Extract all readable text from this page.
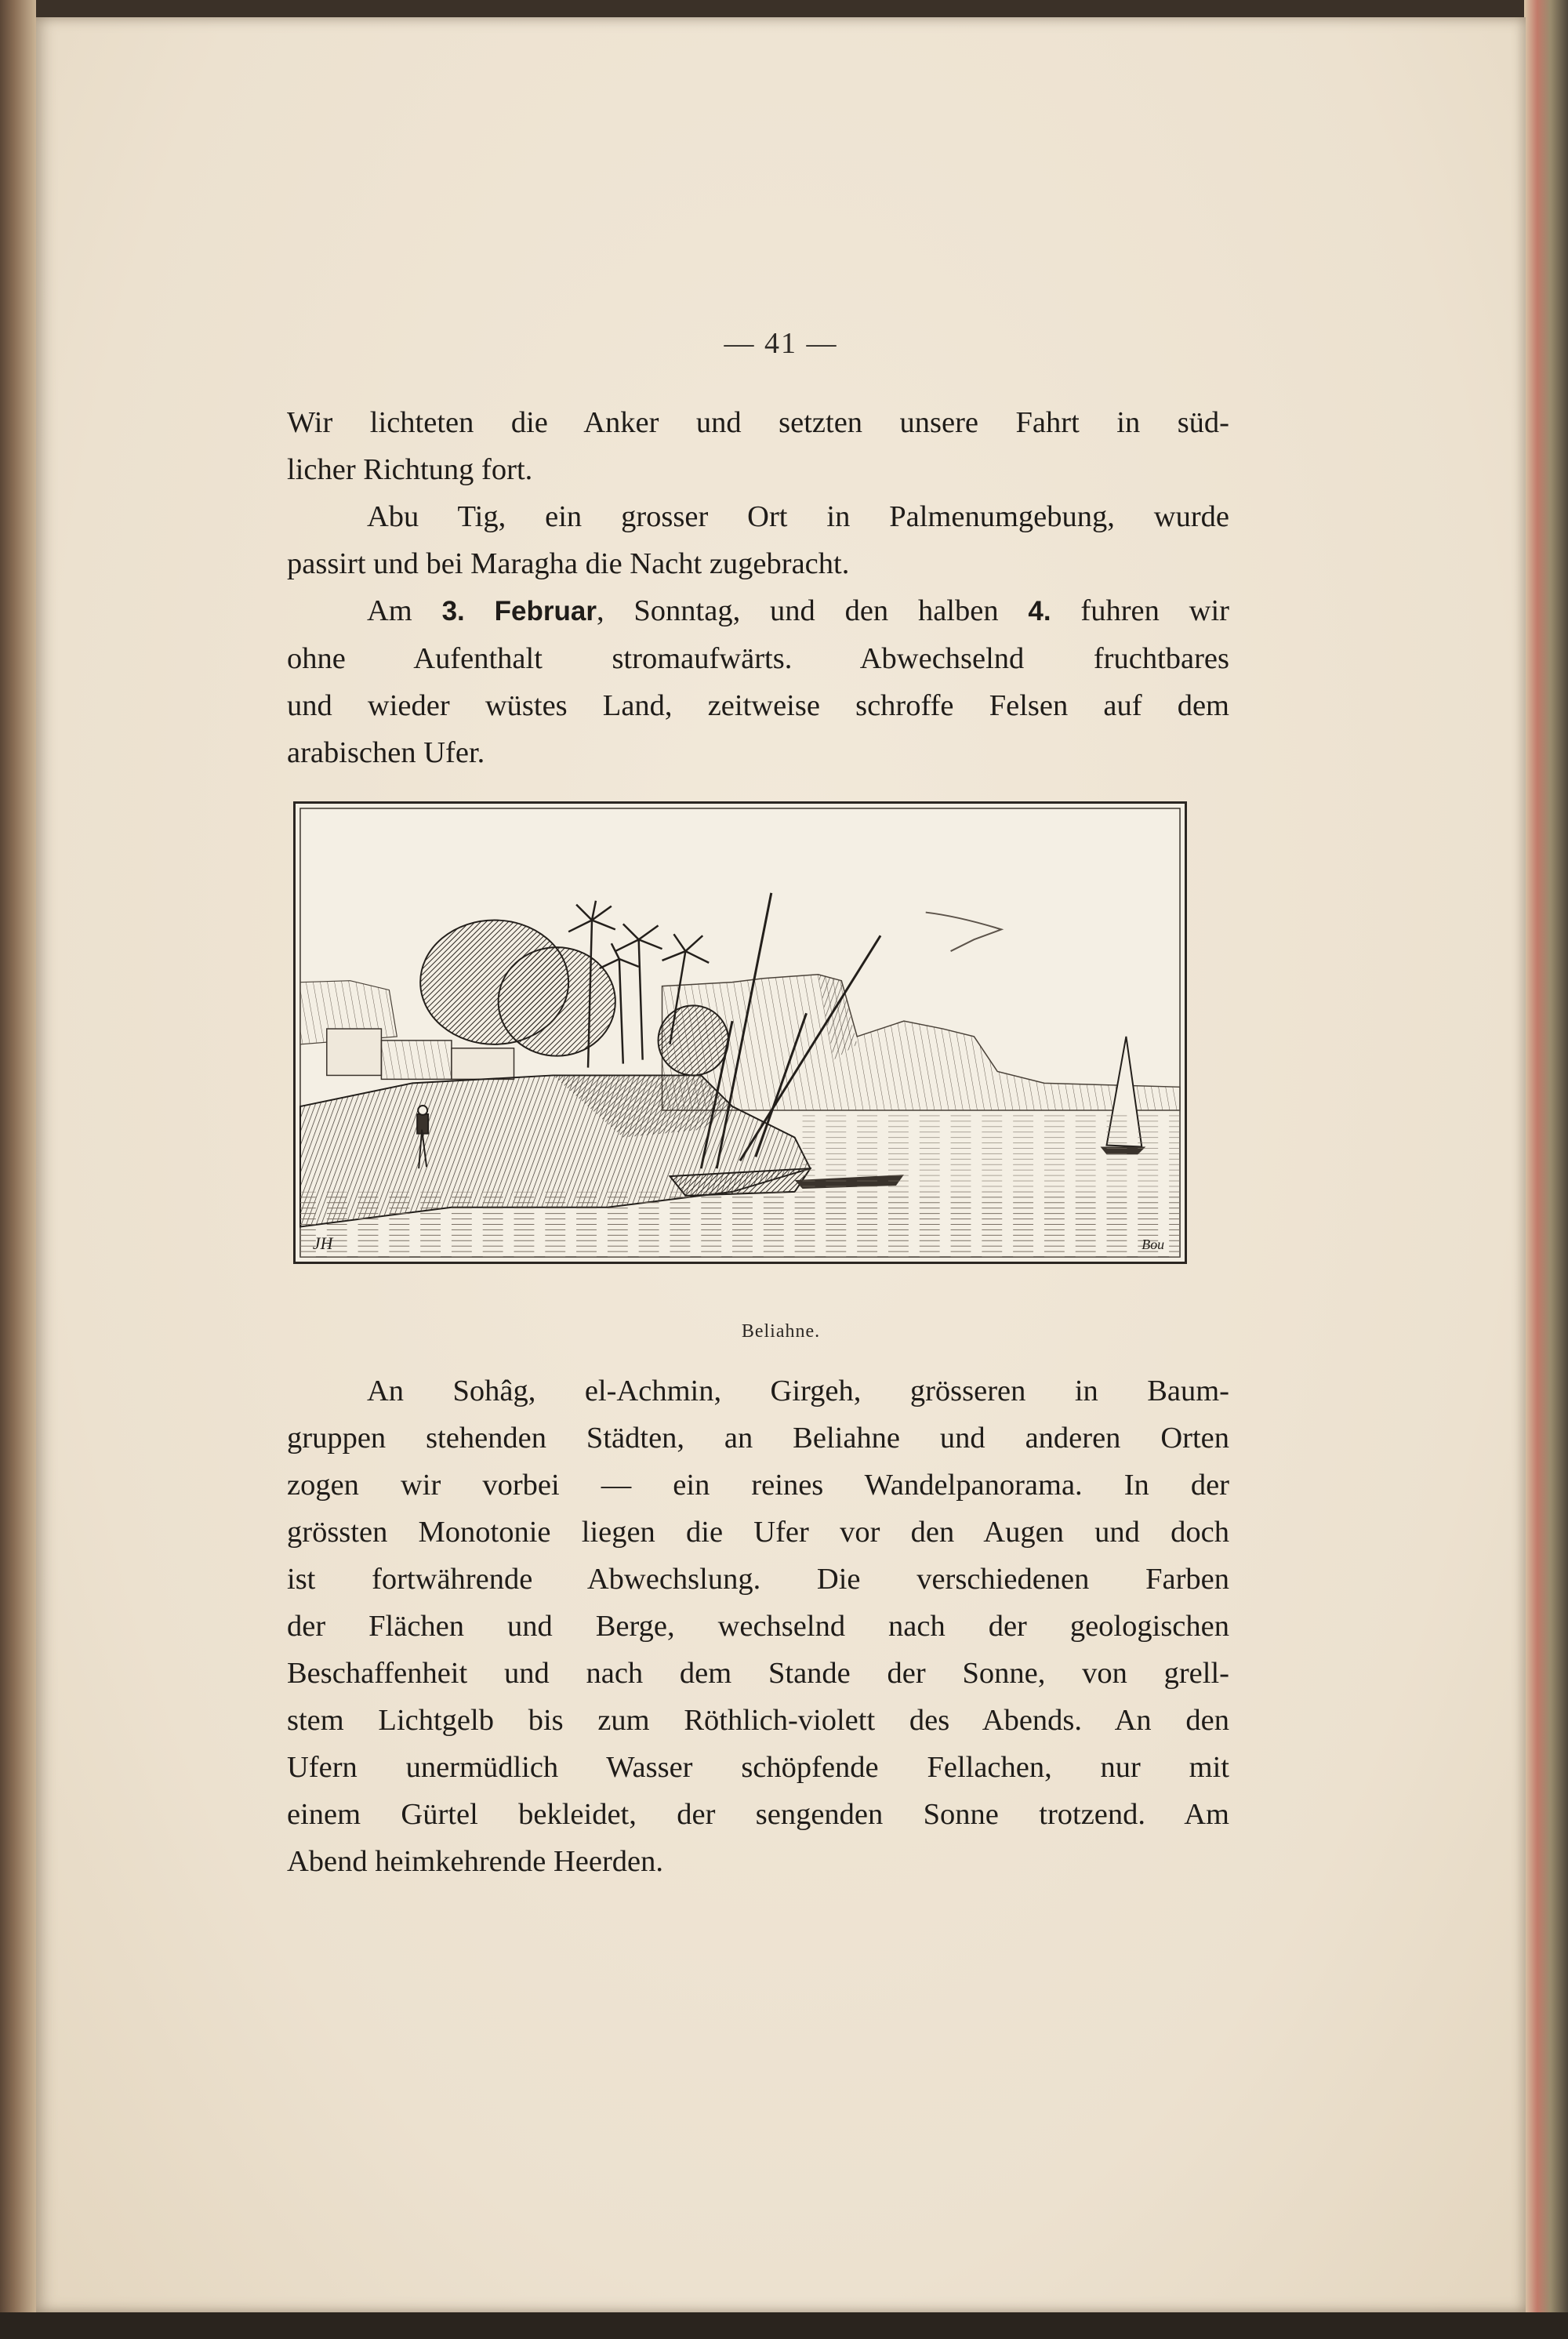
— 41 —

Wir lichteten die Anker und setzten unsere Fahrt in süd-
licher Richtung fort.

Abu Tig, ein grosser Ort in Palmenumgebung, wurde
passirt und bei Maragha die Nacht zugebracht.

Am 3. Februar, Sonntag, und den halben 4. fuhren wir
ohne Aufenthalt stromaufwärts. Abwechselnd fruchtbares
und wieder wüstes Land, zeitweise schroffe Felsen auf dem
arabischen Ufer.

JH	Bou
Beliahne.

An Sohâg, el-Achmin, Girgeh, grösseren in Baum-
gruppen stehenden Städten, an Beliahne und anderen Orten
zogen wir vorbei — ein reines Wandelpanorama. In der
grössten Monotonie liegen die Ufer vor den Augen und doch
ist fortwährende Abwechslung. Die verschiedenen Farben
der Flächen und Berge, wechselnd nach der geologischen
Beschaffenheit und nach dem Stande der Sonne, von grell-
stem Lichtgelb bis zum Röthlich-violett des Abends. An den
Ufern unermüdlich Wasser schöpfende Fellachen, nur mit
einem Gürtel bekleidet, der sengenden Sonne trotzend. Am
Abend heimkehrende Heerden.
